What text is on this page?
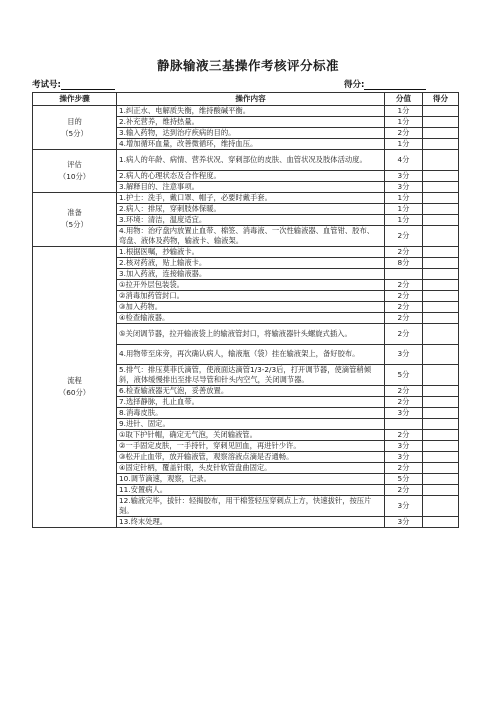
静脉输液三基操作考核评分标准
考试号:	得分:
操作步骤	操作内容	分值	得分
目的
（5分）	1.纠正水、电解质失衡，维持酸碱平衡。	1分	
	2.补充营养，维持热量。	1分	
	3.输入药物，达到治疗疾病的目的。	2分	
	4.增加循环血量，改善微循环，维持血压。	1分	
评估
（10分）	1.病人的年龄、病情、营养状况、穿刺部位的皮肤、血管状况及肢体活动度。	4分	
	2.病人的心理状态及合作程度。	3分	
	3.解释目的、注意事项。	3分	
准备
（5分）	1.护士：洗手，戴口罩、帽子，必要时戴手套。	1分	
	2.病人：排尿，穿刺肢体保暖。	1分	
	3.环境：清洁，温度适宜。	1分	
	4.用物：治疗盘内放置止血带、棉签、消毒液、一次性输液器、血管钳、胶布、弯盘、液体及药物，输液卡、输液架。	2分	
流程
（60分）	1.根据医嘱，抄输液卡。	2分	
	2.核对药液，贴上输液卡。	8分	
	3.加入药液，连接输液器。		
	①拉开外层包装袋。	2分	
	②消毒加药管封口。	2分	
	③加入药物。	2分	
	④检查输液器。	2分	
	⑤关闭调节器，拉开输液袋上的输液管封口，将输液器针头螺旋式插入。	2分	
	4.用物带至床旁，再次确认病人，输液瓶（袋）挂在输液架上，备好胶布。	3分	
	5.排气：排压莫菲氏滴管，使液面达滴管1/3-2/3后，打开调节器，使滴管稍倾斜，液体缓慢排出至排尽导管和针头内空气，关闭调节器。	5分	
	6.检查输液器无气泡，妥善放置。	2分	
	7.选择静脉，扎止血带。	2分	
	8.消毒皮肤。	3分	
	9.进针、固定。		
	①取下护针帽，确定无气泡，关闭输液管。	2分	
	②一手固定皮肤，一手持针，穿刺见回血，再进针少许。	3分	
	③松开止血带，放开输液管，观察溶液点滴是否通畅。	3分	
	④固定针柄，覆盖针眼，头皮针软管盘曲固定。	2分	
	10.调节滴速，观察，记录。	5分	
	11.安置病人。	2分	
	12.输液完毕，拔针：轻揭胶布，用干棉签轻压穿刺点上方，快速拔针，按压片刻。	3分	
	13.终末处理。	3分	
